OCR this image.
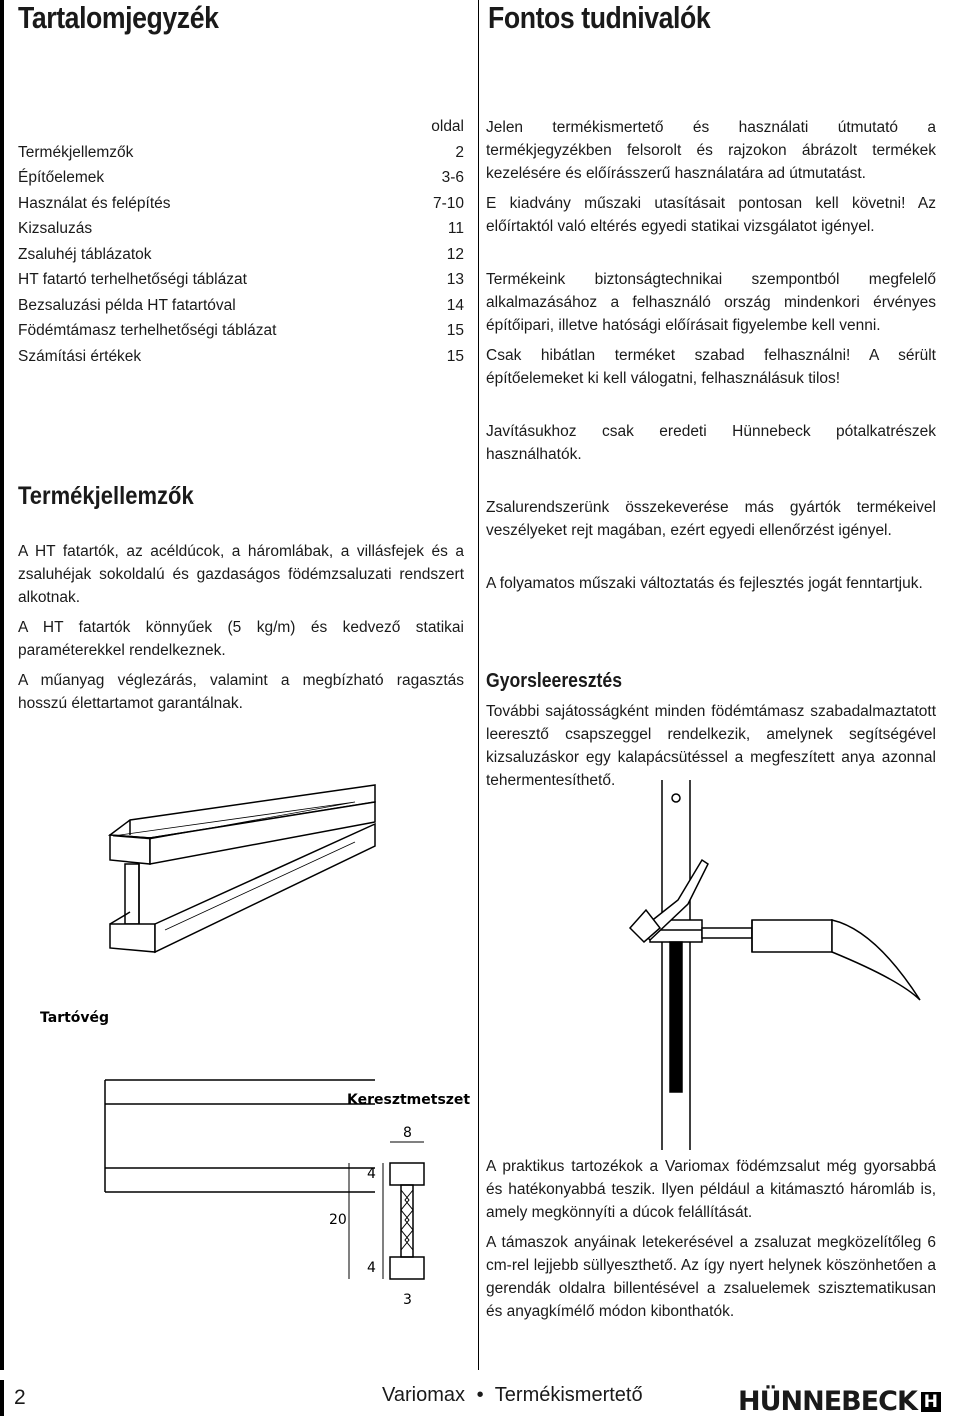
Tartalomjegyzék	Fontos tudnivalók
oldal
Termékjellemzők	2
Építőelemek	3-6
Használat és felépítés	7-10
Kizsaluzás	11
Zsaluhéj táblázatok	12
HT fatartó terhelhetőségi táblázat	13
Bezsaluzási példa HT fatartóval	14
Födémtámasz terhelhetőségi táblázat	15
Számítási értékek	15
Termékjellemzők

A HT fatartók, az acéldúcok, a háromlábak, a villásfejek és a zsaluhéjak sokoldalú és gazdaságos födémzsaluzati rendszert alkotnak.

A HT fatartók könnyűek (5 kg/m) és kedvező statikai paraméterekkel rendelkeznek.

A műanyag véglezárás, valamint a megbízható ragasztás hosszú élettartamot garantálnak.

Tartóvég
Keresztmetszet
8
4
20
4
3

Jelen termékismertető és használati útmutató a termékjegyzékben felsorolt és rajzokon ábrázolt termékek kezelésére és előírásszerű használatára ad útmutatást.

E kiadvány műszaki utasításait pontosan kell követni! Az előírtaktól való eltérés egyedi statikai vizsgálatot igényel.

Termékeink biztonságtechnikai szempontból megfelelő alkalmazásához a felhasználó ország mindenkori érvényes építőipari, illetve hatósági előírásait figyelembe kell venni.

Csak hibátlan terméket szabad felhasználni! A sérült építőelemeket ki kell válogatni, felhasználásuk tilos!

Javításukhoz csak eredeti Hünnebeck pótalkatrészek használhatók.

Zsalurendszerünk összekeverése más gyártók termékeivel veszélyeket rejt magában, ezért egyedi ellenőrzést igényel.

A folyamatos műszaki változtatás és fejlesztés jogát fenntartjuk.

Gyorsleeresztés
További sajátosságként minden födémtámasz szabadalmaztatott leeresztő csapszeggel rendelkezik, amelynek segítségével kizsaluzáskor egy kalapácsütéssel a megfeszített anya azonnal tehermentesíthető.

A praktikus tartozékok a Variomax födémzsalut még gyorsabbá és hatékonyabbá teszik. Ilyen például a kitámasztó háromláb is, amely megkönnyíti a dúcok felállítását.

A támaszok anyáinak letekerésével a zsaluzat megközelítőleg 6 cm-rel lejjebb süllyeszthető. Az így nyert helynek köszönhetően a gerendák oldalra billentésével a zsaluelemek szisztematikusan és anyagkímélő módon kibonthatók.

2	Variomax • Termékismertető	HÜNNEBECK H
